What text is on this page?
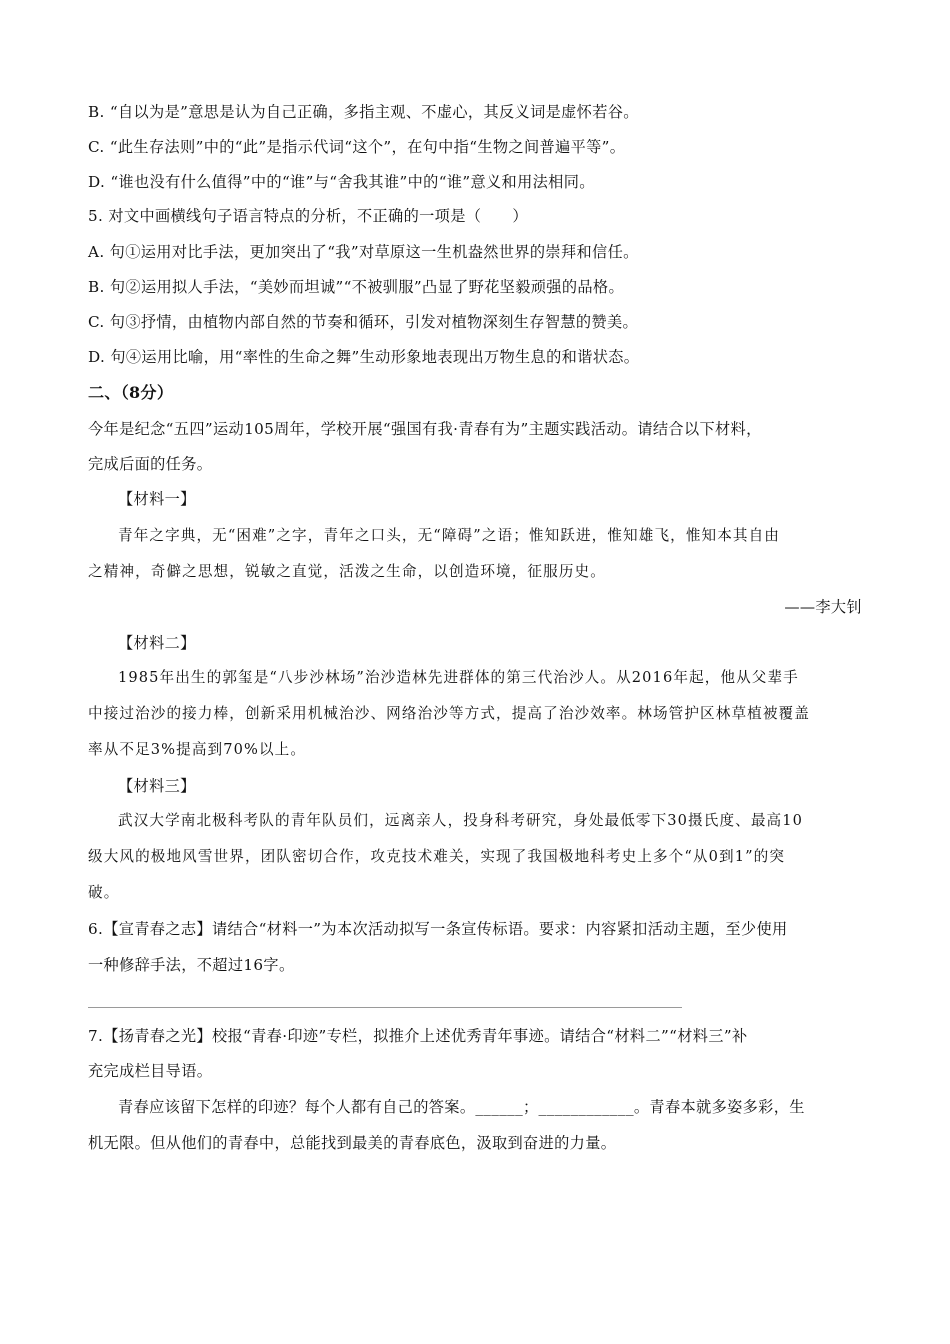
B. “自以为是”意思是认为自己正确，多指主观、不虚心，其反义词是虚怀若谷。
C. “此生存法则”中的“此”是指示代词“这个”，在句中指“生物之间普遍平等”。
D. “谁也没有什么值得”中的“谁”与“舍我其谁”中的“谁”意义和用法相同。
5. 对文中画横线句子语言特点的分析，不正确的一项是（　　）
A. 句①运用对比手法，更加突出了“我”对草原这一生机盎然世界的崇拜和信任。
B. 句②运用拟人手法，“美妙而坦诚”“不被驯服”凸显了野花坚毅顽强的品格。
C. 句③抒情，由植物内部自然的节奏和循环，引发对植物深刻生存智慧的赞美。
D. 句④运用比喻，用“率性的生命之舞”生动形象地表现出万物生息的和谐状态。
二、（8分）
今年是纪念“五四”运动105周年，学校开展“强国有我·青春有为”主题实践活动。请结合以下材料，
完成后面的任务。
【材料一】
青年之字典，无“困难”之字，青年之口头，无“障碍”之语；惟知跃进，惟知雄飞，惟知本其自由
之精神，奇僻之思想，锐敏之直觉，活泼之生命，以创造环境，征服历史。
——李大钊
【材料二】
1985年出生的郭玺是“八步沙林场”治沙造林先进群体的第三代治沙人。从2016年起，他从父辈手
中接过治沙的接力棒，创新采用机械治沙、网络治沙等方式，提高了治沙效率。林场管护区林草植被覆盖
率从不足3%提高到70%以上。
【材料三】
武汉大学南北极科考队的青年队员们，远离亲人，投身科考研究，身处最低零下30摄氏度、最高10
级大风的极地风雪世界，团队密切合作，攻克技术难关，实现了我国极地科考史上多个“从0到1”的突
破。
6.【宣青春之志】请结合“材料一”为本次活动拟写一条宣传标语。要求：内容紧扣活动主题，至少使用
一种修辞手法，不超过16字。
7.【扬青春之光】校报“青春·印迹”专栏，拟推介上述优秀青年事迹。请结合“材料二”“材料三”补
充完成栏目导语。
青春应该留下怎样的印迹？每个人都有自己的答案。______；____________。青春本就多姿多彩，生
机无限。但从他们的青春中，总能找到最美的青春底色，汲取到奋进的力量。
